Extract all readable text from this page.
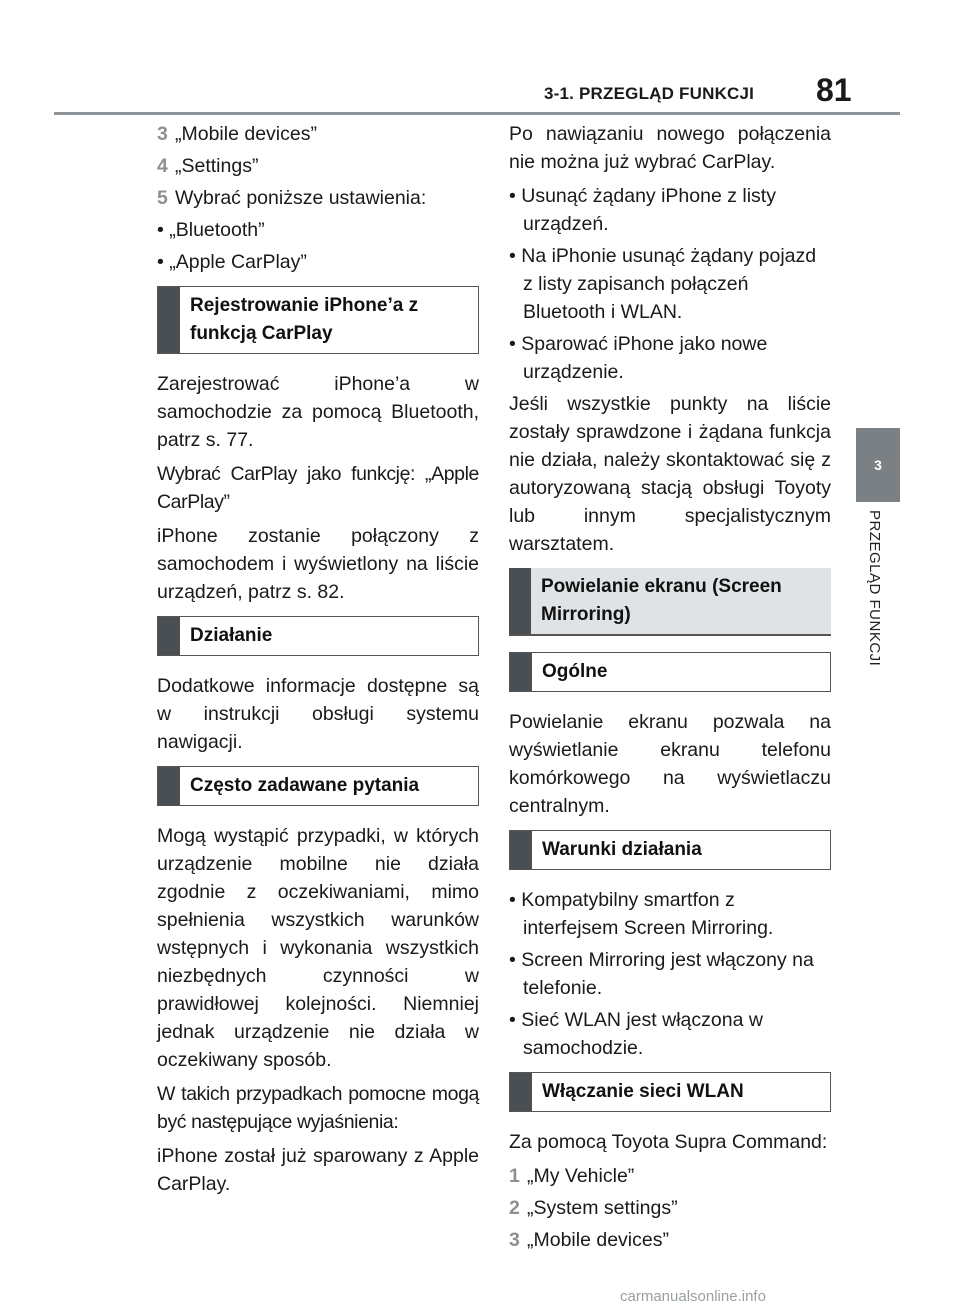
3-1. PRZEGLĄD FUNKCJI 81
3
PRZEGLĄD FUNKCJI
3 „Mobile devices”
4 „Settings”
5 Wybrać poniższe ustawienia:
• „Bluetooth”
• „Apple CarPlay”
Rejestrowanie iPhone’a z funkcją CarPlay
Zarejestrować iPhone’a w samochodzie za pomocą Bluetooth, patrz s. 77.
Wybrać CarPlay jako funkcję: „Apple CarPlay”
iPhone zostanie połączony z samochodem i wyświetlony na liście urządzeń, patrz s. 82.
Działanie
Dodatkowe informacje dostępne są w instrukcji obsługi systemu nawigacji.
Często zadawane pytania
Mogą wystąpić przypadki, w których urządzenie mobilne nie działa zgodnie z oczekiwaniami, mimo spełnienia wszystkich warunków wstępnych i wykonania wszystkich niezbędnych czynności w prawidłowej kolejności. Niemniej jednak urządzenie nie działa w oczekiwany sposób.
W takich przypadkach pomocne mogą być następujące wyjaśnienia:
iPhone został już sparowany z Apple CarPlay.
Po nawiązaniu nowego połączenia nie można już wybrać CarPlay.
• Usunąć żądany iPhone z listy urządzeń.
• Na iPhonie usunąć żądany pojazd z listy zapisanch połączeń Bluetooth i WLAN.
• Sparować iPhone jako nowe urządzenie.
Jeśli wszystkie punkty na liście zostały sprawdzone i żądana funkcja nie działa, należy skontaktować się z autoryzowaną stacją obsługi Toyoty lub innym specjalistycznym warsztatem.
Powielanie ekranu (Screen Mirroring)
Ogólne
Powielanie ekranu pozwala na wyświetlanie ekranu telefonu komórkowego na wyświetlaczu centralnym.
Warunki działania
• Kompatybilny smartfon z interfejsem Screen Mirroring.
• Screen Mirroring jest włączony na telefonie.
• Sieć WLAN jest włączona w samochodzie.
Włączanie sieci WLAN
Za pomocą Toyota Supra Command:
1 „My Vehicle”
2 „System settings”
3 „Mobile devices”
carmanualsonline.info
